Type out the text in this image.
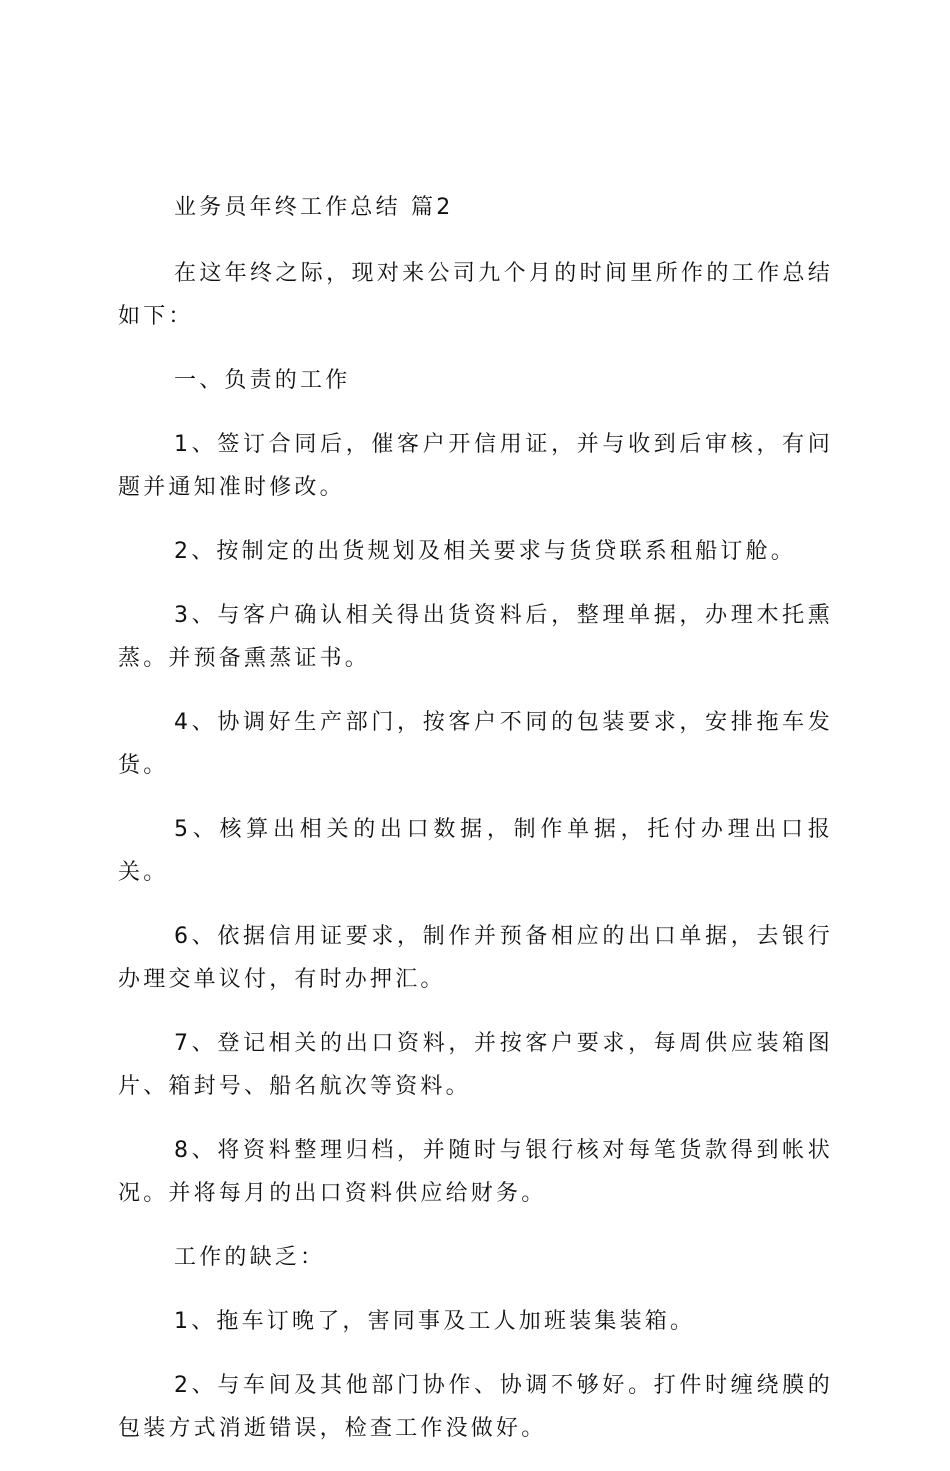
业务员年终工作总结 篇2

在这年终之际，现对来公司九个月的时间里所作的工作总结如下：

一、负责的工作

1、签订合同后，催客户开信用证，并与收到后审核，有问题并通知准时修改。

2、按制定的出货规划及相关要求与货贷联系租船订舱。

3、与客户确认相关得出货资料后，整理单据，办理木托熏蒸。并预备熏蒸证书。

4、协调好生产部门，按客户不同的包装要求，安排拖车发货。

5、核算出相关的出口数据，制作单据，托付办理出口报关。

6、依据信用证要求，制作并预备相应的出口单据，去银行办理交单议付，有时办押汇。

7、登记相关的出口资料，并按客户要求，每周供应装箱图片、箱封号、船名航次等资料。

8、将资料整理归档，并随时与银行核对每笔货款得到帐状况。并将每月的出口资料供应给财务。

工作的缺乏：

1、拖车订晚了，害同事及工人加班装集装箱。

2、与车间及其他部门协作、协调不够好。打件时缠绕膜的包装方式消逝错误，检查工作没做好。
